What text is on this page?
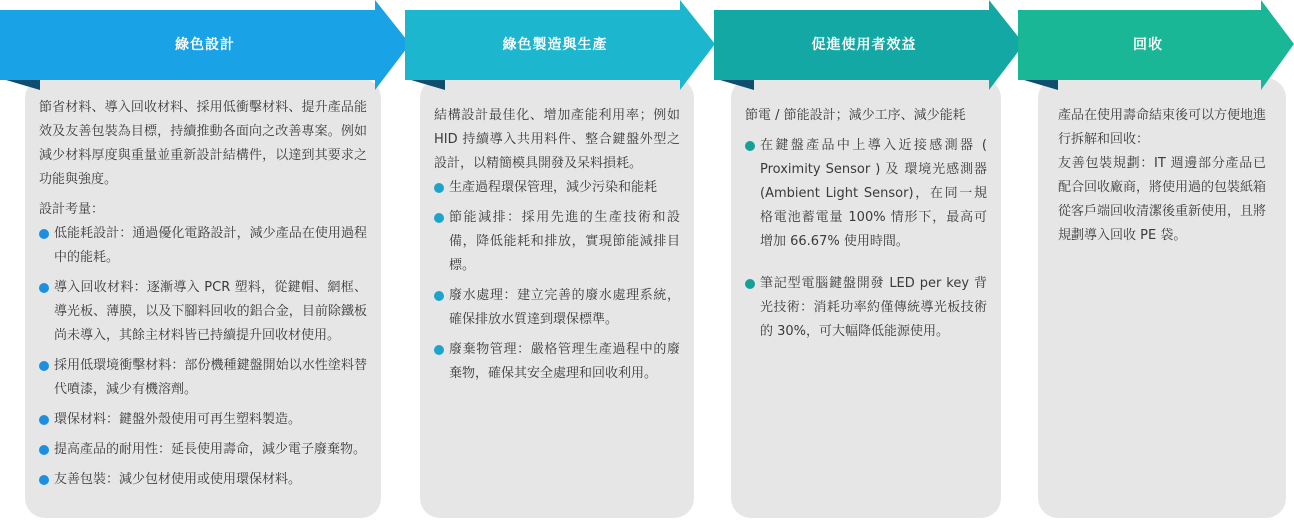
節省材料、導入回收材料、採用低衝擊材料、提升產品能效及友善包裝為目標，持續推動各面向之改善專案。例如減少材料厚度與重量並重新設計結構件，以達到其要求之功能與強度。

設計考量：

低能耗設計：通過優化電路設計，減少產品在使用過程中的能耗。

導入回收材料：逐漸導入 PCR 塑料，從鍵帽、網框、導光板、薄膜，以及下腳料回收的鋁合金，目前除鐵板尚未導入，其餘主材料皆已持續提升回收材使用。

採用低環境衝擊材料：部份機種鍵盤開始以水性塗料替代噴漆，減少有機溶劑。

環保材料：鍵盤外殼使用可再生塑料製造。

提高產品的耐用性：延長使用壽命，減少電子廢棄物。

友善包裝：減少包材使用或使用環保材料。

綠色設計

結構設計最佳化、增加產能利用率；例如 HID 持續導入共用料件、整合鍵盤外型之設計，以精簡模具開發及呆料損耗。

生產過程環保管理，減少污染和能耗

節能減排：採用先進的生產技術和設備，降低能耗和排放，實現節能減排目標。

廢水處理：建立完善的廢水處理系統，確保排放水質達到環保標準。

廢棄物管理：嚴格管理生產過程中的廢棄物，確保其安全處理和回收利用。

綠色製造與生產

節電 / 節能設計；減少工序、減少能耗

在鍵盤產品中上導入近接感測器 ( Proximity Sensor ) 及 環境光感測器 (Ambient Light Sensor)，在同一規格電池蓄電量 100% 情形下，最高可增加 66.67% 使用時間。

筆記型電腦鍵盤開發 LED per key 背光技術：消耗功率約僅傳統導光板技術的 30%，可大幅降低能源使用。

促進使用者效益

產品在使用壽命結束後可以方便地進行拆解和回收：

友善包裝規劃：IT 週邊部分產品已配合回收廠商，將使用過的包裝紙箱從客戶端回收清潔後重新使用，且將規劃導入回收 PE 袋。

回收
